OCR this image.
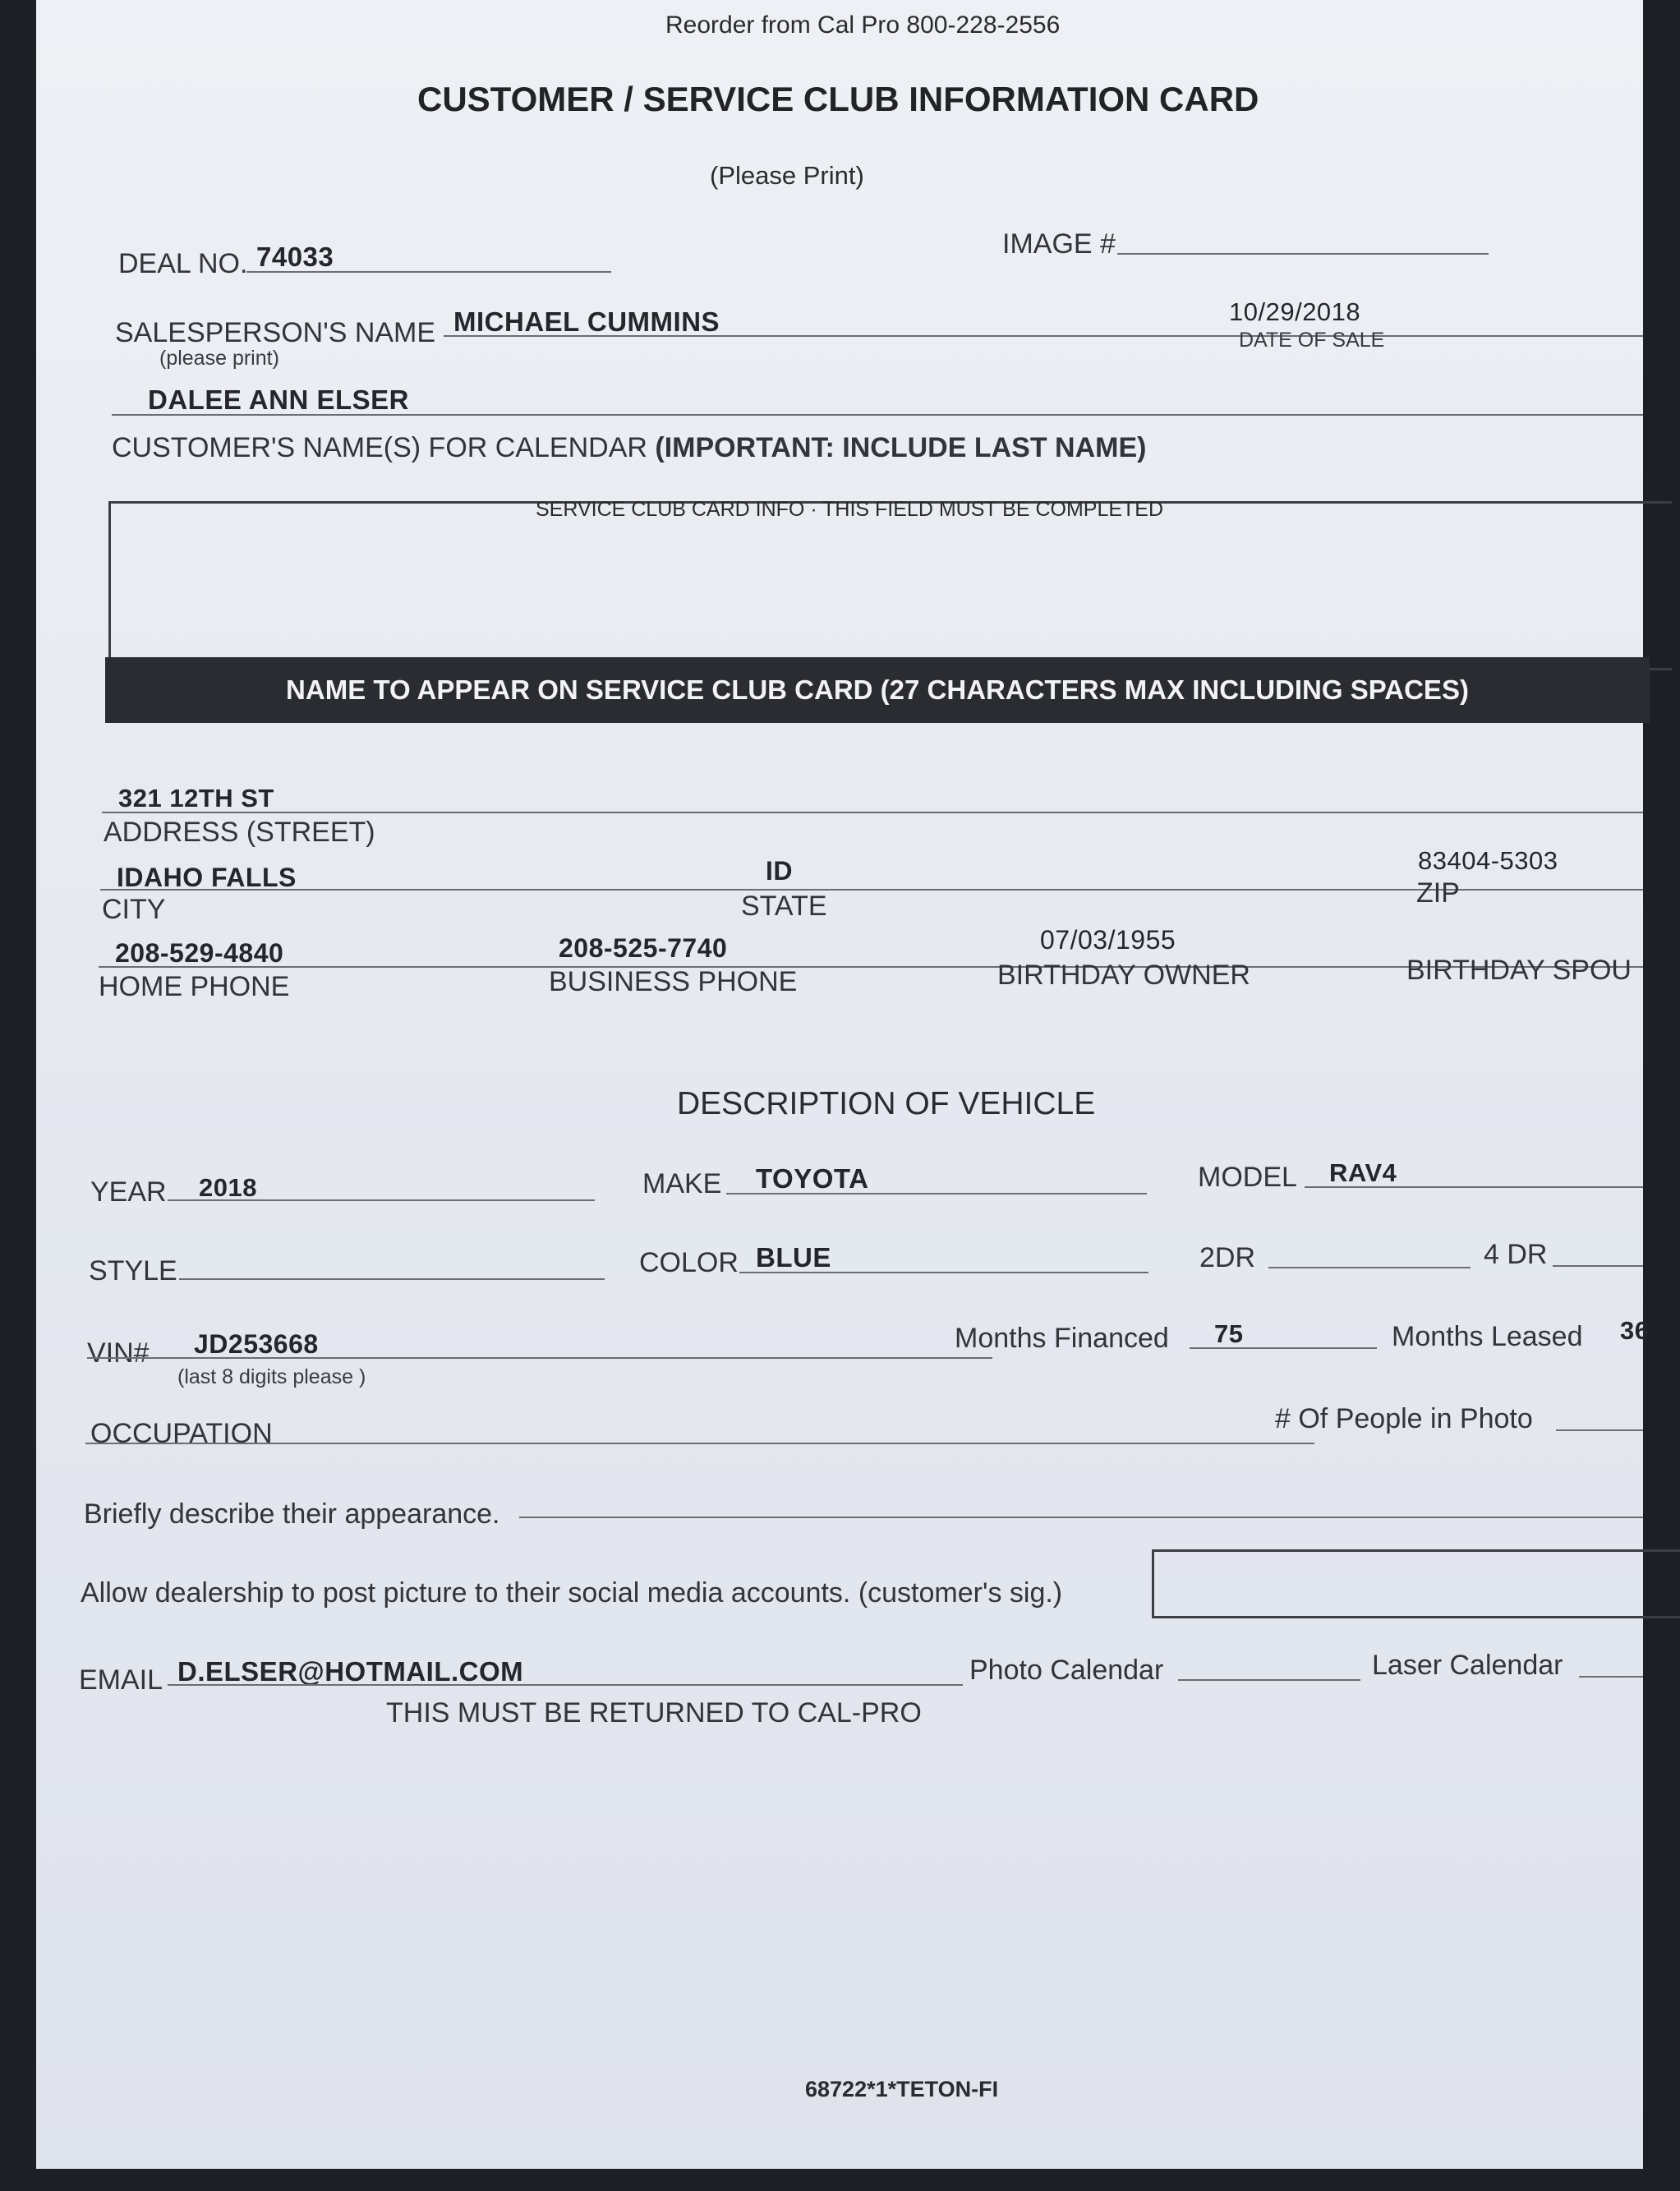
Reorder from Cal Pro 800-228-2556
CUSTOMER / SERVICE CLUB INFORMATION CARD
(Please Print)
DEAL NO. 74033	IMAGE #
SALESPERSON'S NAME
(please print)
MICHAEL CUMMINS	10/29/2018
DATE OF SALE
DALEE ANN ELSER
CUSTOMER'S NAME(S) FOR CALENDAR (IMPORTANT: INCLUDE LAST NAME)
SERVICE CLUB CARD INFO · THIS FIELD MUST BE COMPLETED
NAME TO APPEAR ON SERVICE CLUB CARD (27 CHARACTERS MAX INCLUDING SPACES)
321 12TH ST
ADDRESS (STREET)
IDAHO FALLS	ID	83404-5303
CITY	STATE	ZIP
208-529-4840	208-525-7740	07/03/1955
HOME PHONE	BUSINESS PHONE	BIRTHDAY OWNER	BIRTHDAY SPOU
DESCRIPTION OF VEHICLE
YEAR 2018	MAKE TOYOTA	MODEL RAV4
STYLE	COLOR BLUE	2DR	4 DR
VIN# JD253668
(last 8 digits please )
Months Financed 75	Months Leased 36
OCCUPATION	# Of People in Photo
Briefly describe their appearance.
Allow dealership to post picture to their social media accounts. (customer's sig.)
EMAIL D.ELSER@HOTMAIL.COM	Photo Calendar	Laser Calendar
THIS MUST BE RETURNED TO CAL-PRO
68722*1*TETON-FI
